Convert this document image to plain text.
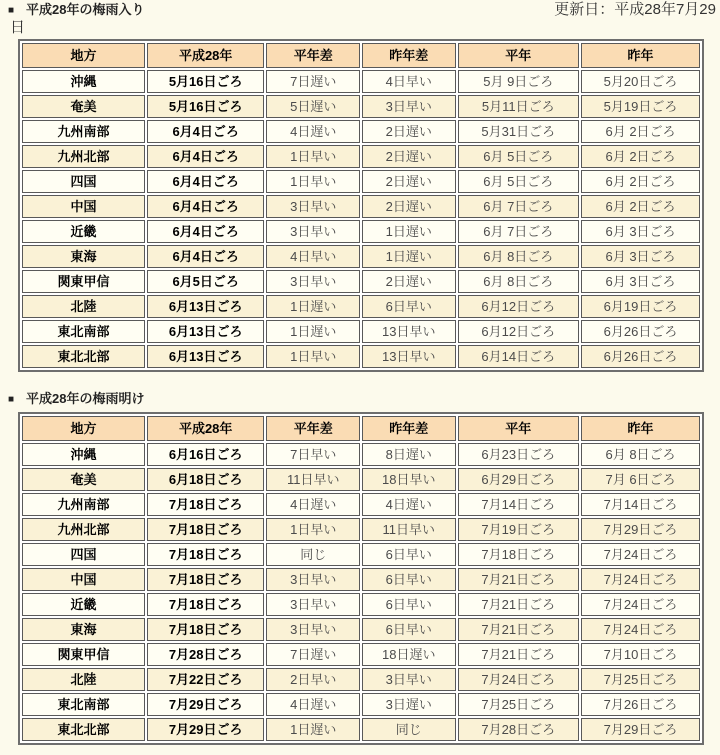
■ 平成28年の梅雨入り	更新日：平成28年7月29
日
地方	平成28年	平年差	昨年差	平年	昨年
沖縄	5月16日ごろ	7日遅い	4日早い	5月 9日ごろ	5月20日ごろ
奄美	5月16日ごろ	5日遅い	3日早い	5月11日ごろ	5月19日ごろ
九州南部	6月4日ごろ	4日遅い	2日遅い	5月31日ごろ	6月 2日ごろ
九州北部	6月4日ごろ	1日早い	2日遅い	6月 5日ごろ	6月 2日ごろ
四国	6月4日ごろ	1日早い	2日遅い	6月 5日ごろ	6月 2日ごろ
中国	6月4日ごろ	3日早い	2日遅い	6月 7日ごろ	6月 2日ごろ
近畿	6月4日ごろ	3日早い	1日遅い	6月 7日ごろ	6月 3日ごろ
東海	6月4日ごろ	4日早い	1日遅い	6月 8日ごろ	6月 3日ごろ
関東甲信	6月5日ごろ	3日早い	2日遅い	6月 8日ごろ	6月 3日ごろ
北陸	6月13日ごろ	1日遅い	6日早い	6月12日ごろ	6月19日ごろ
東北南部	6月13日ごろ	1日遅い	13日早い	6月12日ごろ	6月26日ごろ
東北北部	6月13日ごろ	1日早い	13日早い	6月14日ごろ	6月26日ごろ
■ 平成28年の梅雨明け
地方	平成28年	平年差	昨年差	平年	昨年
沖縄	6月16日ごろ	7日早い	8日遅い	6月23日ごろ	6月 8日ごろ
奄美	6月18日ごろ	11日早い	18日早い	6月29日ごろ	7月 6日ごろ
九州南部	7月18日ごろ	4日遅い	4日遅い	7月14日ごろ	7月14日ごろ
九州北部	7月18日ごろ	1日早い	11日早い	7月19日ごろ	7月29日ごろ
四国	7月18日ごろ	同じ	6日早い	7月18日ごろ	7月24日ごろ
中国	7月18日ごろ	3日早い	6日早い	7月21日ごろ	7月24日ごろ
近畿	7月18日ごろ	3日早い	6日早い	7月21日ごろ	7月24日ごろ
東海	7月18日ごろ	3日早い	6日早い	7月21日ごろ	7月24日ごろ
関東甲信	7月28日ごろ	7日遅い	18日遅い	7月21日ごろ	7月10日ごろ
北陸	7月22日ごろ	2日早い	3日早い	7月24日ごろ	7月25日ごろ
東北南部	7月29日ごろ	4日遅い	3日遅い	7月25日ごろ	7月26日ごろ
東北北部	7月29日ごろ	1日遅い	同じ	7月28日ごろ	7月29日ごろ
